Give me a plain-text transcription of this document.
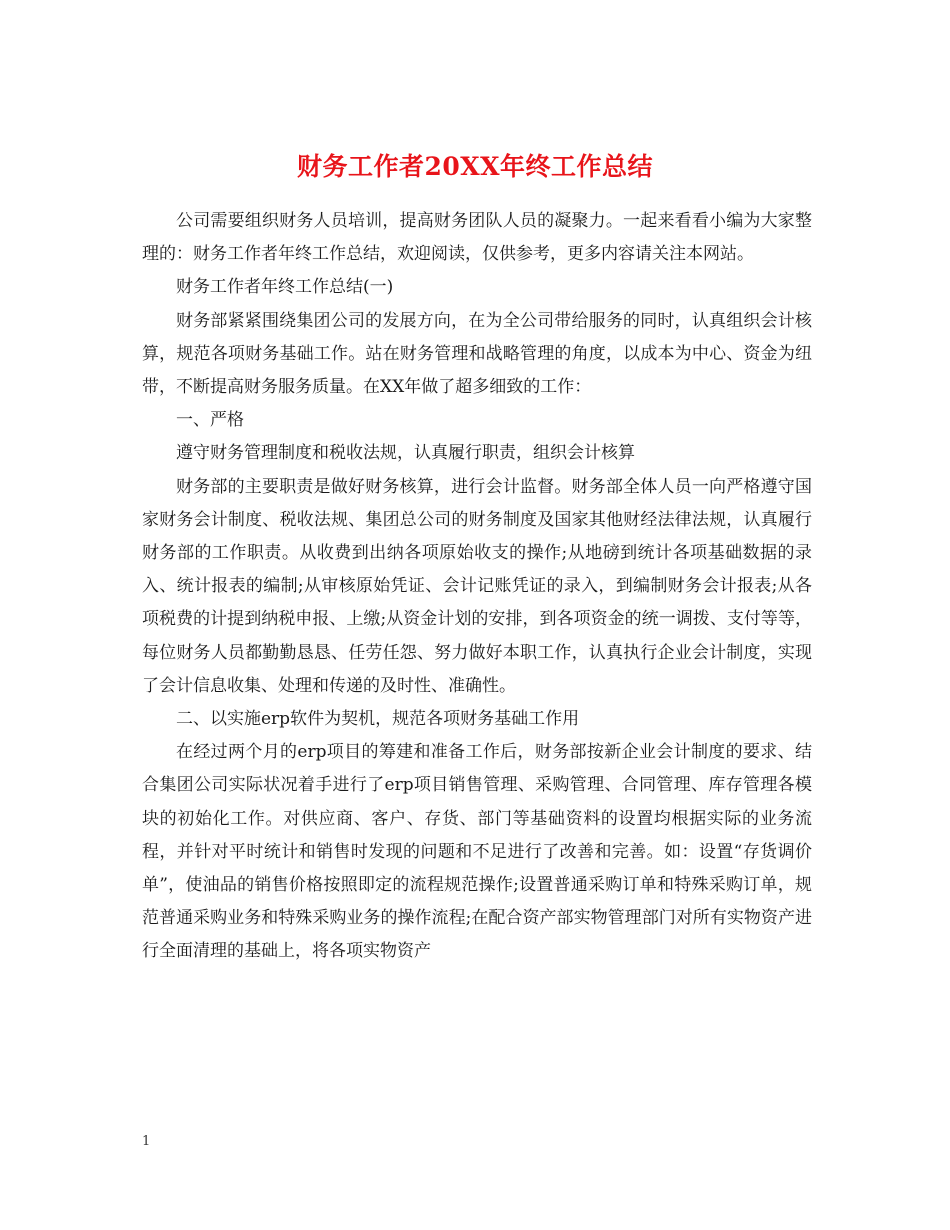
财务工作者20XX年终工作总结

公司需要组织财务人员培训，提高财务团队人员的凝聚力。一起来看看小编为大家整理的：财务工作者年终工作总结，欢迎阅读，仅供参考，更多内容请关注本网站。

财务工作者年终工作总结(一)

财务部紧紧围绕集团公司的发展方向，在为全公司带给服务的同时，认真组织会计核算，规范各项财务基础工作。站在财务管理和战略管理的角度，以成本为中心、资金为纽带，不断提高财务服务质量。在XX年做了超多细致的工作：

一、严格

遵守财务管理制度和税收法规，认真履行职责，组织会计核算

财务部的主要职责是做好财务核算，进行会计监督。财务部全体人员一向严格遵守国家财务会计制度、税收法规、集团总公司的财务制度及国家其他财经法律法规，认真履行财务部的工作职责。从收费到出纳各项原始收支的操作;从地磅到统计各项基础数据的录入、统计报表的编制;从审核原始凭证、会计记账凭证的录入，到编制财务会计报表;从各项税费的计提到纳税申报、上缴;从资金计划的安排，到各项资金的统一调拨、支付等等，每位财务人员都勤勤恳恳、任劳任怨、努力做好本职工作，认真执行企业会计制度，实现了会计信息收集、处理和传递的及时性、准确性。

二、以实施erp软件为契机，规范各项财务基础工作用

在经过两个月的erp项目的筹建和准备工作后，财务部按新企业会计制度的要求、结合集团公司实际状况着手进行了erp项目销售管理、采购管理、合同管理、库存管理各模块的初始化工作。对供应商、客户、存货、部门等基础资料的设置均根据实际的业务流程，并针对平时统计和销售时发现的问题和不足进行了改善和完善。如：设置“存货调价单”，使油品的销售价格按照即定的流程规范操作;设置普通采购订单和特殊采购订单，规范普通采购业务和特殊采购业务的操作流程;在配合资产部实物管理部门对所有实物资产进行全面清理的基础上，将各项实物资产

1
